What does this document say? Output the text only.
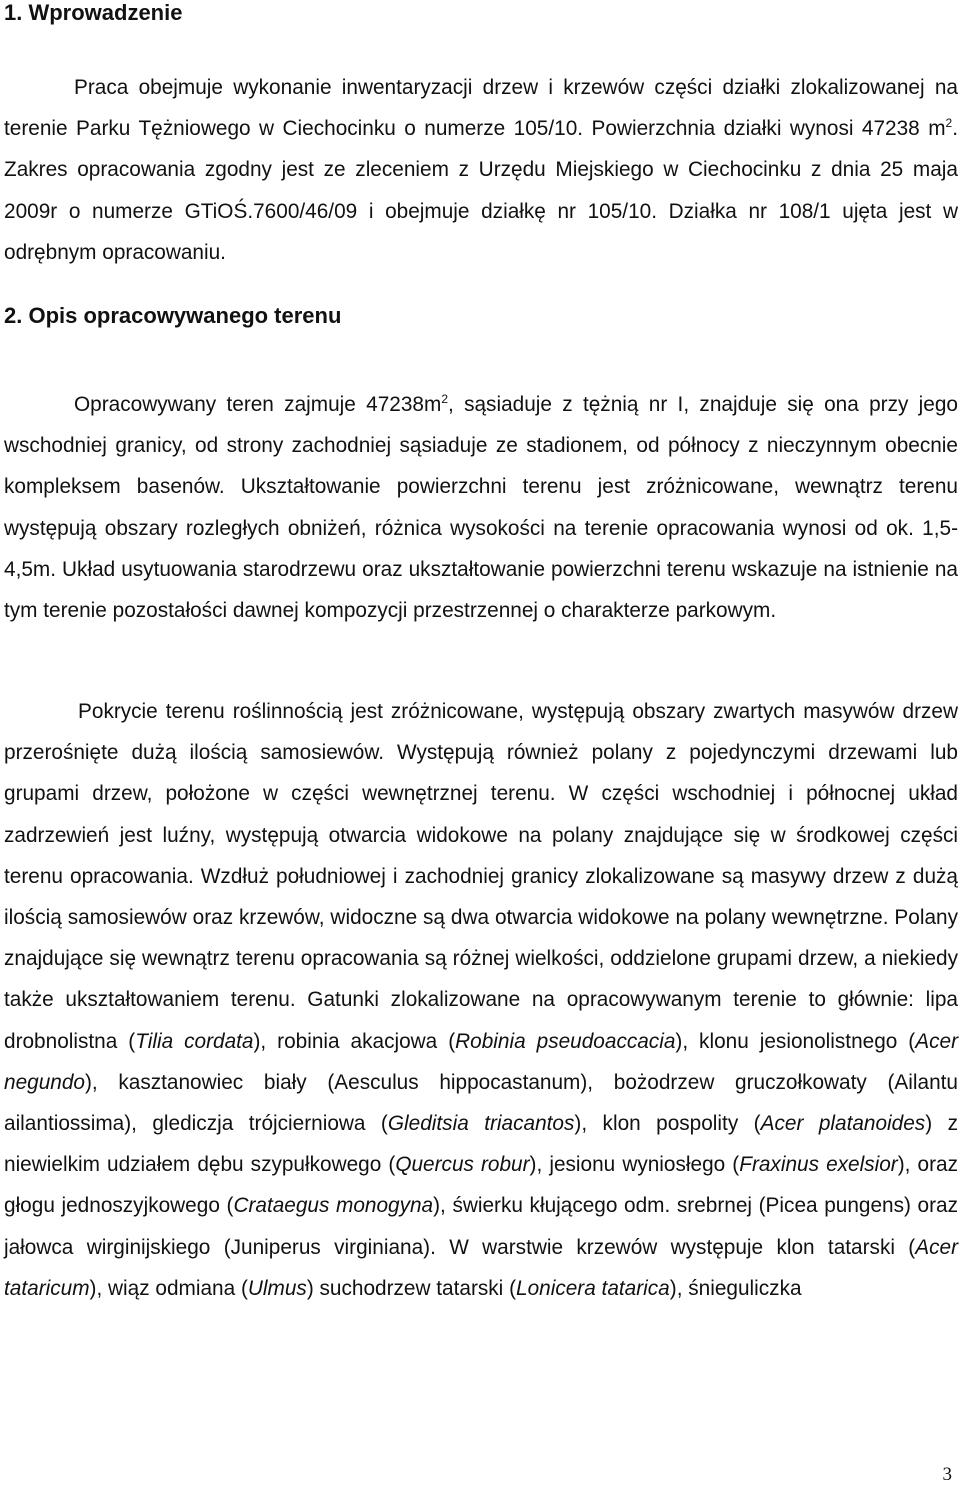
1. Wprowadzenie

Praca obejmuje wykonanie inwentaryzacji drzew i krzewów części działki zlokalizowanej na terenie Parku Tężniowego w Ciechocinku o numerze 105/10. Powierzchnia działki wynosi 47238 $m^2$. Zakres opracowania zgodny jest ze zleceniem z Urzędu Miejskiego w Ciechocinku z dnia 25 maja 2009r o numerze GTiOŚ.7600/46/09 i obejmuje działkę nr 105/10. Działka nr 108/1 ujęta jest w odrębnym opracowaniu.

2. Opis opracowywanego terenu

Opracowywany teren zajmuje $47238m^2$, sąsiaduje z tężnią nr I, znajduje się ona przy jego wschodniej granicy, od strony zachodniej sąsiaduje ze stadionem, od północy z nieczynnym obecnie kompleksem basenów. Ukształtowanie powierzchni terenu jest zróżnicowane, wewnątrz terenu występują obszary rozległych obniżeń, różnica wysokości na terenie opracowania wynosi od ok. 1,5-4,5m. Układ usytuowania starodrzewu oraz ukształtowanie powierzchni terenu wskazuje na istnienie na tym terenie pozostałości dawnej kompozycji przestrzennej o charakterze parkowym.

Pokrycie terenu roślinnością jest zróżnicowane, występują obszary zwartych masywów drzew przerośnięte dużą ilością samosiewów. Występują również polany z pojedynczymi drzewami lub grupami drzew, położone w części wewnętrznej terenu. W części wschodniej i północnej układ zadrzewień jest luźny, występują otwarcia widokowe na polany znajdujące się w środkowej części terenu opracowania. Wzdłuż południowej i zachodniej granicy zlokalizowane są masywy drzew z dużą ilością samosiewów oraz krzewów, widoczne są dwa otwarcia widokowe na polany wewnętrzne. Polany znajdujące się wewnątrz terenu opracowania są różnej wielkości, oddzielone grupami drzew, a niekiedy także ukształtowaniem terenu. Gatunki zlokalizowane na opracowywanym terenie to głównie: lipa drobnolistna (Tilia cordata), robinia akacjowa (Robinia pseudoaccacia), klonu jesionolistnego (Acer negundo), kasztanowiec biały (Aesculus hippocastanum), bożodrzew gruczołkowaty (Ailantu ailantiossima), glediczja trójcierniowa (Gleditsia triacantos), klon pospolity (Acer platanoides) z niewielkim udziałem dębu szypułkowego (Quercus robur), jesionu wyniosłego (Fraxinus exelsior), oraz głogu jednoszyjkowego (Crataegus monogyna), świerku kłującego odm. srebrnej (Picea pungens) oraz jałowca wirginijskiego (Juniperus virginiana). W warstwie krzewów występuje klon tatarski (Acer tataricum), wiąz odmiana (Ulmus) suchodrzew tatarski (Lonicera tatarica), śnieguliczka

3
